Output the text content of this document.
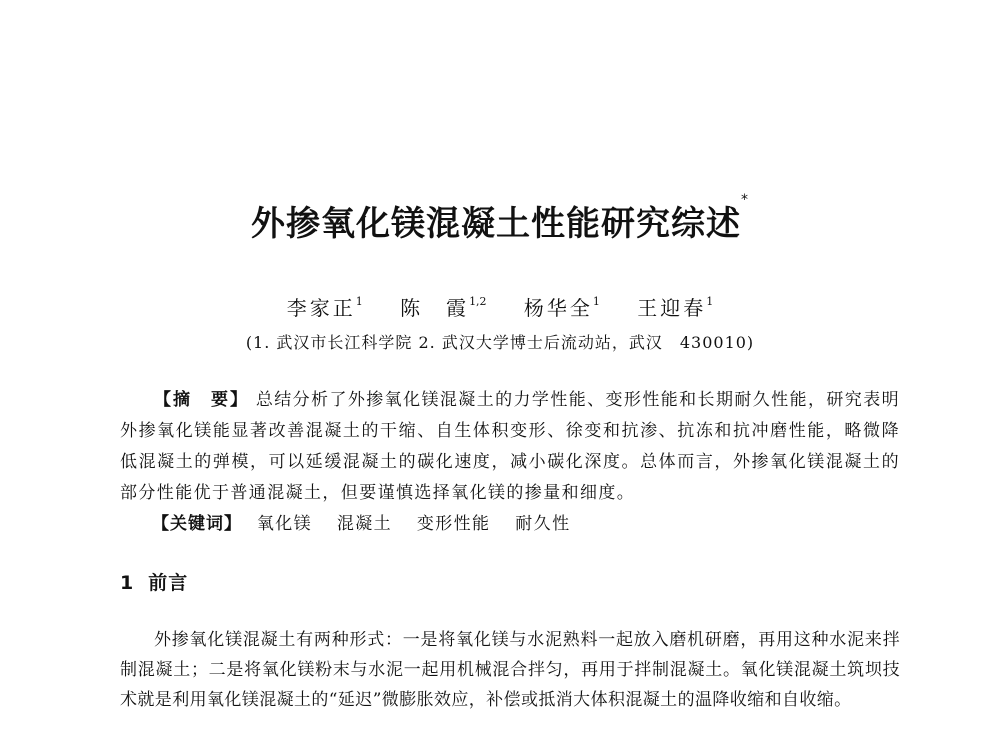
外掺氧化镁混凝土性能研究综述*
李家正$^1$ 陈　霞$^{1,2}$ 杨华全$^1$ 王迎春$^1$
(1. 武汉市长江科学院 2. 武汉大学博士后流动站，武汉　430010)

【摘　要】 总结分析了外掺氧化镁混凝土的力学性能、变形性能和长期耐久性能，研究表明外掺氧化镁能显著改善混凝土的干缩、自生体积变形、徐变和抗渗、抗冻和抗冲磨性能，略微降低混凝土的弹模，可以延缓混凝土的碳化速度，减小碳化深度。总体而言，外掺氧化镁混凝土的部分性能优于普通混凝土，但要谨慎选择氧化镁的掺量和细度。

【关键词】 氧化镁 混凝土 变形性能 耐久性
1 前言

外掺氧化镁混凝土有两种形式：一是将氧化镁与水泥熟料一起放入磨机研磨，再用这种水泥来拌制混凝土；二是将氧化镁粉末与水泥一起用机械混合拌匀，再用于拌制混凝土。氧化镁混凝土筑坝技术就是利用氧化镁混凝土的“延迟”微膨胀效应，补偿或抵消大体积混凝土的温降收缩和自收缩。
